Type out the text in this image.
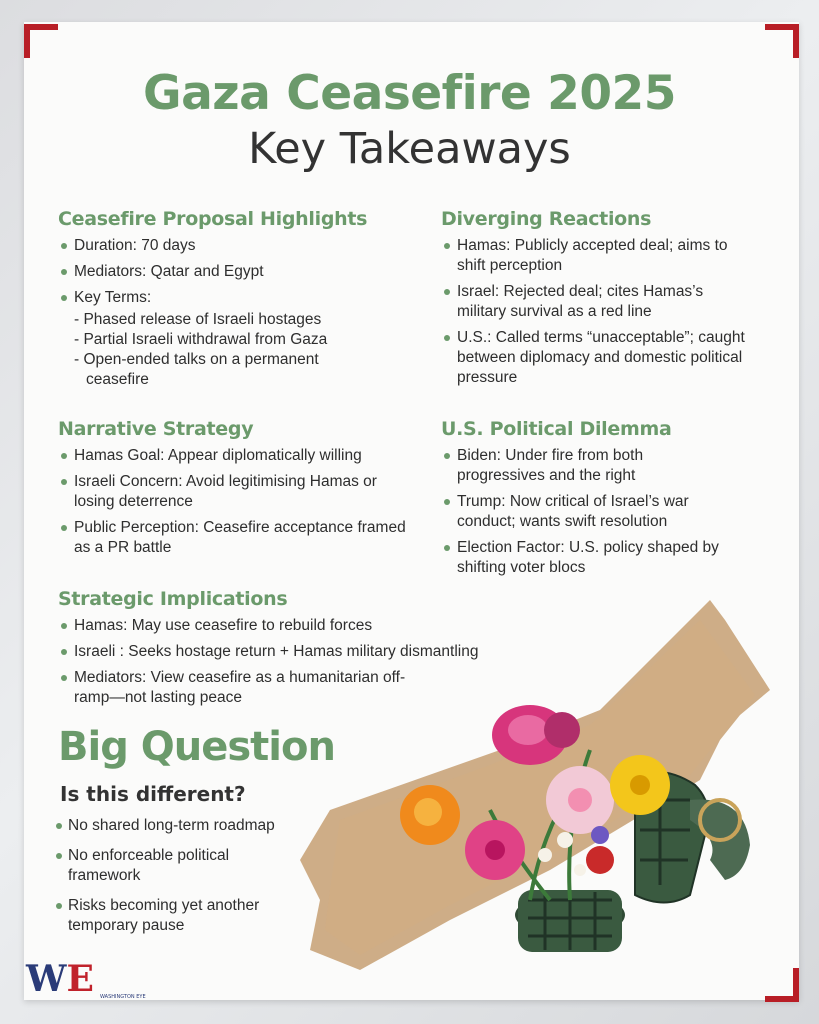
Gaza Ceasefire 2025
Key Takeaways
Ceasefire Proposal Highlights
Duration: 70 days
Mediators: Qatar and Egypt
Key Terms:
- Phased release of Israeli hostages
- Partial Israeli withdrawal from Gaza
- Open-ended talks on a permanent ceasefire
Diverging Reactions
Hamas: Publicly accepted deal; aims to shift perception
Israel: Rejected deal; cites Hamas’s military survival as a red line
U.S.: Called terms “unacceptable”; caught between diplomacy and domestic political pressure
Narrative Strategy
Hamas Goal: Appear diplomatically willing
Israeli Concern: Avoid legitimising Hamas or losing deterrence
Public Perception: Ceasefire acceptance framed as a PR battle
U.S. Political Dilemma
Biden: Under fire from both progressives and the right
Trump: Now critical of Israel’s war conduct; wants swift resolution
Election Factor: U.S. policy shaped by shifting voter blocs
Strategic Implications
Hamas: May use ceasefire to rebuild forces
Israeli : Seeks hostage return + Hamas military dismantling
Mediators: View ceasefire as a humanitarian off-ramp—not lasting peace
Big Question
Is this different?
No shared long-term roadmap
No enforceable political framework
Risks becoming yet another temporary pause
WE WASHINGTON EYE
